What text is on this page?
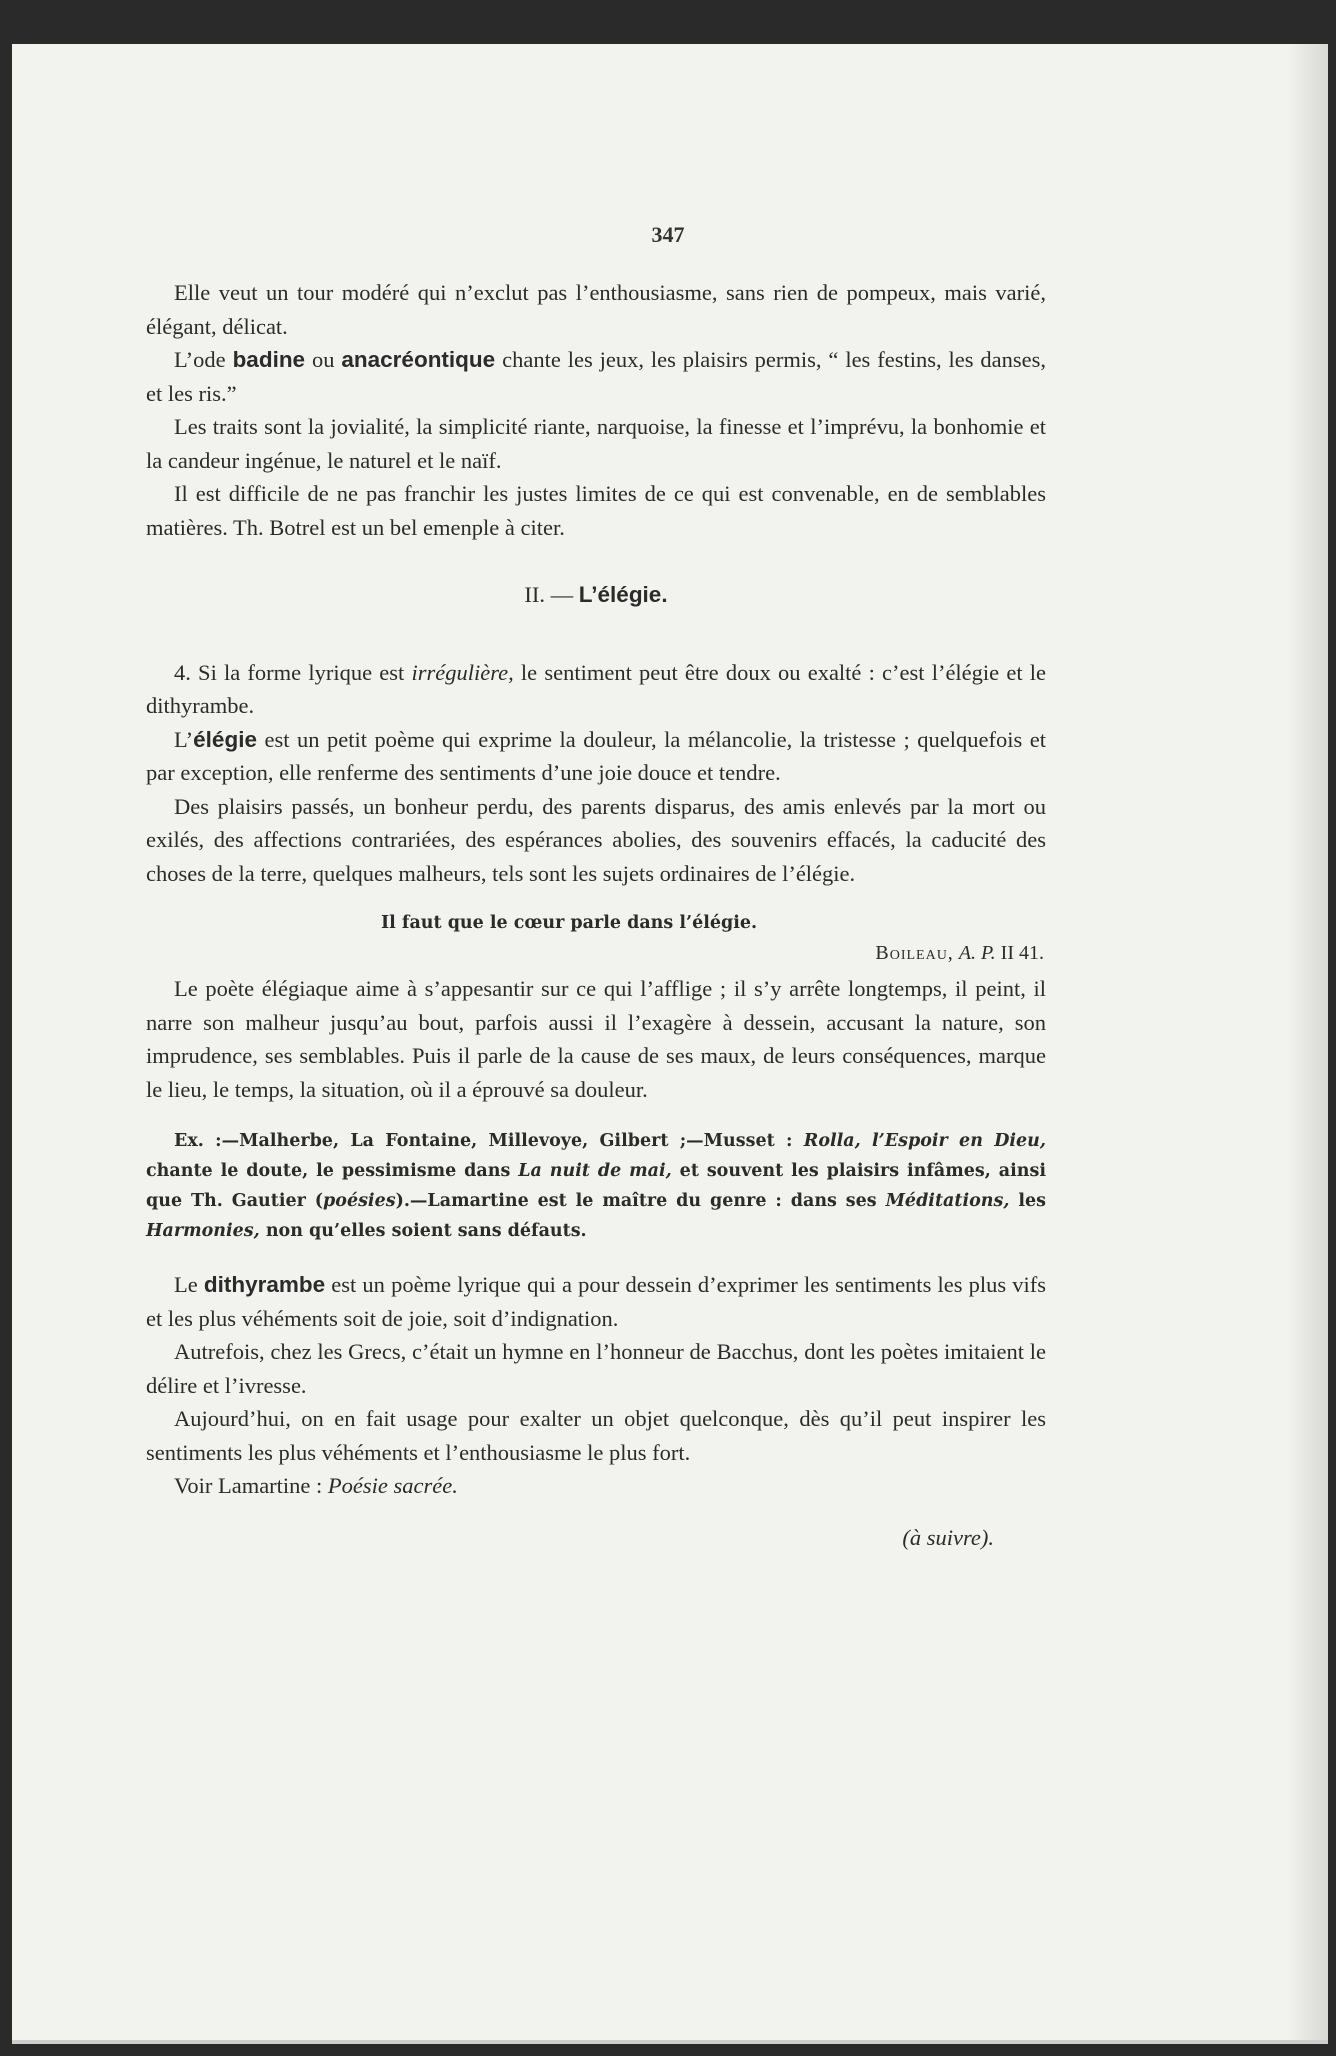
347

Elle veut un tour modéré qui n’exclut pas l’enthousiasme, sans rien de pompeux, mais varié, élégant, délicat.

L’ode badine ou anacréontique chante les jeux, les plaisirs permis, “ les festins, les danses, et les ris.”

Les traits sont la jovialité, la simplicité riante, narquoise, la finesse et l’imprévu, la bonhomie et la candeur ingénue, le naturel et le naïf.

Il est difficile de ne pas franchir les justes limites de ce qui est convenable, en de semblables matières. Th. Botrel est un bel emenple à citer.

II. — L’élégie.

4. Si la forme lyrique est irrégulière, le sentiment peut être doux ou exalté : c’est l’élégie et le dithyrambe.

L’élégie est un petit poème qui exprime la douleur, la mélancolie, la tristesse ; quelquefois et par exception, elle renferme des sentiments d’une joie douce et tendre.

Des plaisirs passés, un bonheur perdu, des parents disparus, des amis enlevés par la mort ou exilés, des affections contrariées, des espérances abolies, des souvenirs effacés, la caducité des choses de la terre, quelques malheurs, tels sont les sujets ordinaires de l’élégie.

Il faut que le cœur parle dans l’élégie.
Boileau, A. P. II 41.

Le poète élégiaque aime à s’appesantir sur ce qui l’afflige ; il s’y arrête longtemps, il peint, il narre son malheur jusqu’au bout, parfois aussi il l’exagère à dessein, accusant la nature, son imprudence, ses semblables. Puis il parle de la cause de ses maux, de leurs conséquences, marque le lieu, le temps, la situation, où il a éprouvé sa douleur.

Ex. :—Malherbe, La Fontaine, Millevoye, Gilbert ;—Musset : Rolla, l’Espoir en Dieu, chante le doute, le pessimisme dans La nuit de mai, et souvent les plaisirs infâmes, ainsi que Th. Gautier (poésies).—Lamartine est le maître du genre : dans ses Méditations, les Harmonies, non qu’elles soient sans défauts.

Le dithyrambe est un poème lyrique qui a pour dessein d’exprimer les sentiments les plus vifs et les plus véhéments soit de joie, soit d’indignation.

Autrefois, chez les Grecs, c’était un hymne en l’honneur de Bacchus, dont les poètes imitaient le délire et l’ivresse.

Aujourd’hui, on en fait usage pour exalter un objet quelconque, dès qu’il peut inspirer les sentiments les plus véhéments et l’enthousiasme le plus fort.

Voir Lamartine : Poésie sacrée.

(à suivre).
